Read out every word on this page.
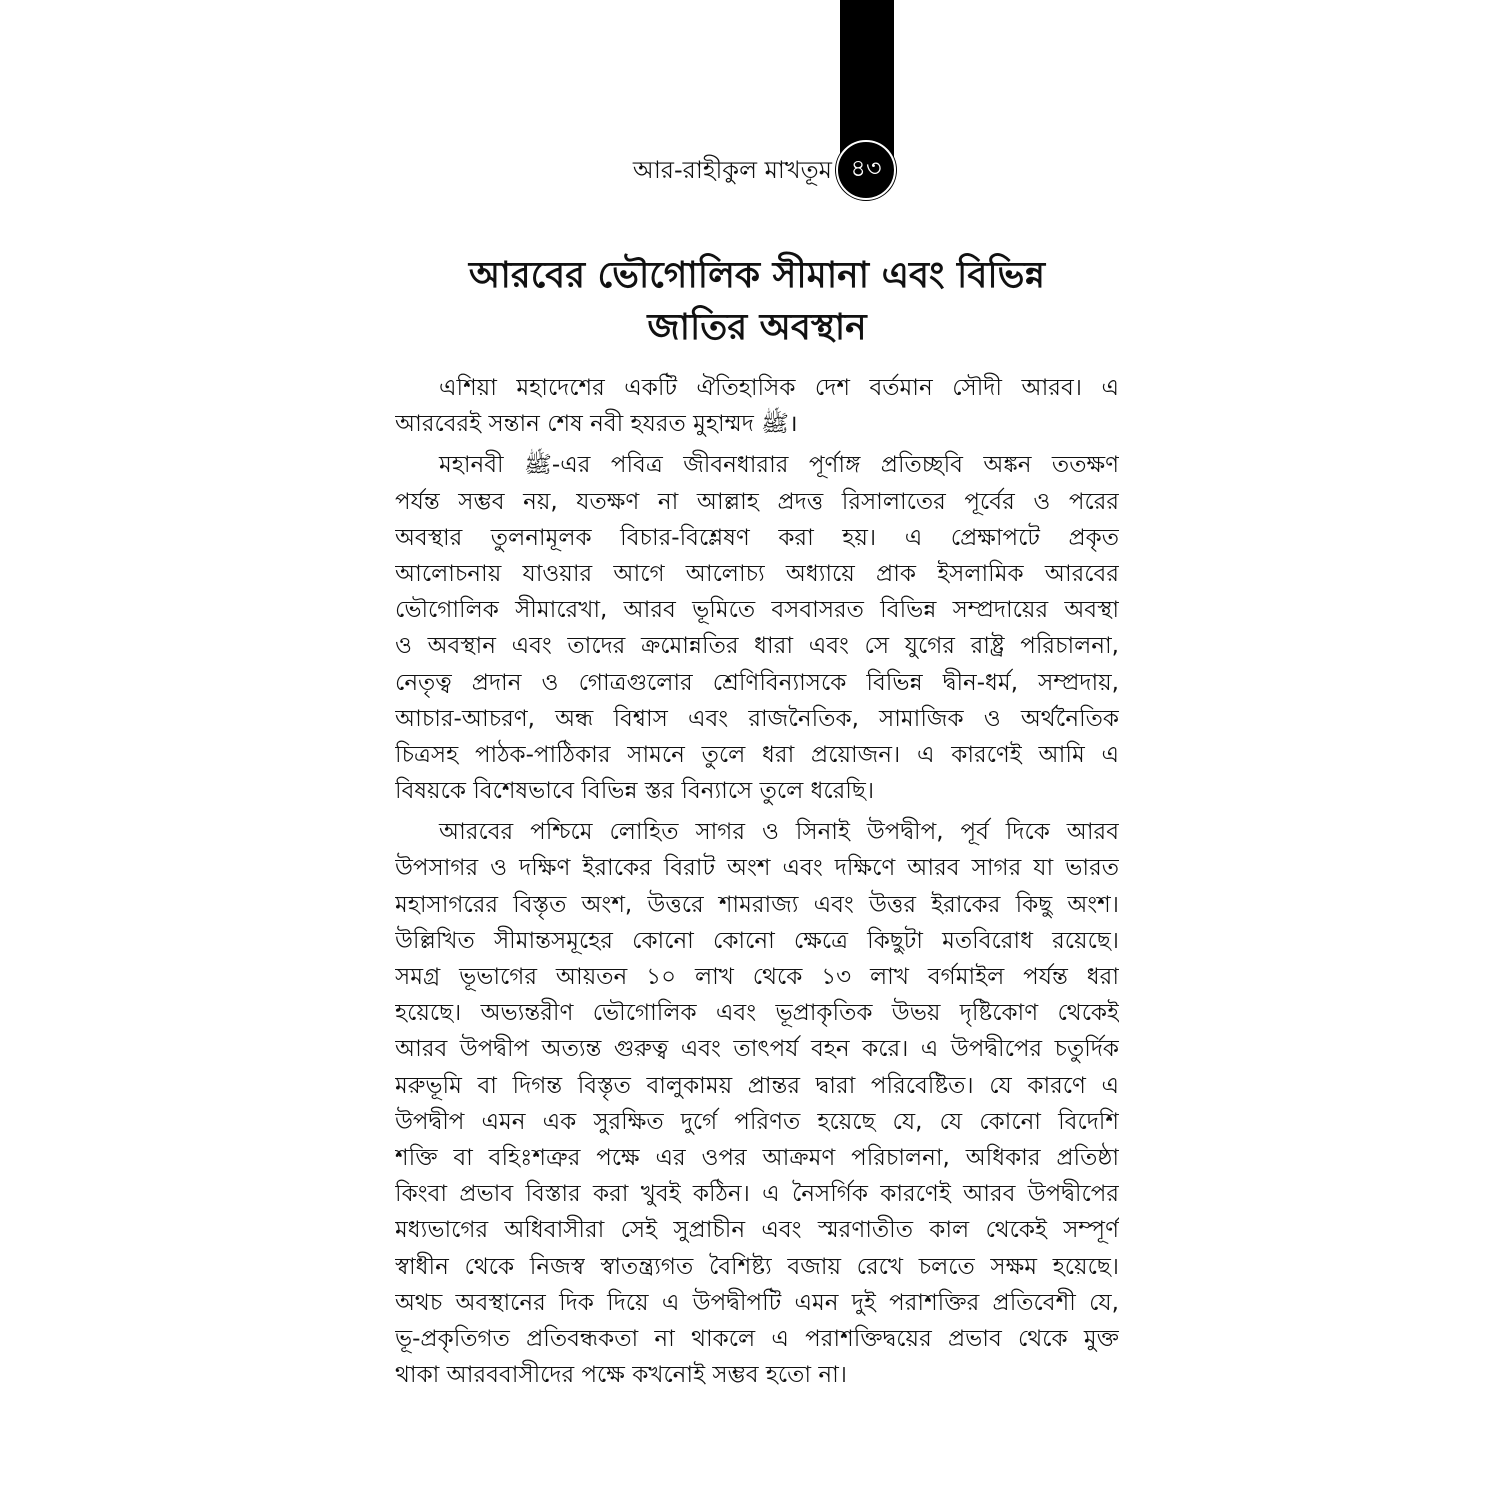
আর-রাহীকুল মাখতূম ৪৩
আরবের ভৌগোলিক সীমানা এবং বিভিন্ন
জাতির অবস্থান
এশিয়া মহাদেশের একটি ঐতিহাসিক দেশ বর্তমান সৌদী আরব। এ
আরবেরই সন্তান শেষ নবী হযরত মুহাম্মদ ﷺ।
মহানবী ﷺ-এর পবিত্র জীবনধারার পূর্ণাঙ্গ প্রতিচ্ছবি অঙ্কন ততক্ষণ
পর্যন্ত সম্ভব নয়, যতক্ষণ না আল্লাহ প্রদত্ত রিসালাতের পূর্বের ও পরের
অবস্থার তুলনামূলক বিচার-বিশ্লেষণ করা হয়। এ প্রেক্ষাপটে প্রকৃত
আলোচনায় যাওয়ার আগে আলোচ্য অধ্যায়ে প্রাক ইসলামিক আরবের
ভৌগোলিক সীমারেখা, আরব ভূমিতে বসবাসরত বিভিন্ন সম্প্রদায়ের অবস্থা
ও অবস্থান এবং তাদের ক্রমোন্নতির ধারা এবং সে যুগের রাষ্ট্র পরিচালনা,
নেতৃত্ব প্রদান ও গোত্রগুলোর শ্রেণিবিন্যাসকে বিভিন্ন দ্বীন-ধর্ম, সম্প্রদায়,
আচার-আচরণ, অন্ধ বিশ্বাস এবং রাজনৈতিক, সামাজিক ও অর্থনৈতিক
চিত্রসহ পাঠক-পাঠিকার সামনে তুলে ধরা প্রয়োজন। এ কারণেই আমি এ
বিষয়কে বিশেষভাবে বিভিন্ন স্তর বিন্যাসে তুলে ধরেছি।
আরবের পশ্চিমে লোহিত সাগর ও সিনাই উপদ্বীপ, পূর্ব দিকে আরব
উপসাগর ও দক্ষিণ ইরাকের বিরাট অংশ এবং দক্ষিণে আরব সাগর যা ভারত
মহাসাগরের বিস্তৃত অংশ, উত্তরে শামরাজ্য এবং উত্তর ইরাকের কিছু অংশ।
উল্লিখিত সীমান্তসমূহের কোনো কোনো ক্ষেত্রে কিছুটা মতবিরোধ রয়েছে।
সমগ্র ভূভাগের আয়তন ১০ লাখ থেকে ১৩ লাখ বর্গমাইল পর্যন্ত ধরা
হয়েছে। অভ্যন্তরীণ ভৌগোলিক এবং ভূপ্রাকৃতিক উভয় দৃষ্টিকোণ থেকেই
আরব উপদ্বীপ অত্যন্ত গুরুত্ব এবং তাৎপর্য বহন করে। এ উপদ্বীপের চতুর্দিক
মরুভূমি বা দিগন্ত বিস্তৃত বালুকাময় প্রান্তর দ্বারা পরিবেষ্টিত। যে কারণে এ
উপদ্বীপ এমন এক সুরক্ষিত দুর্গে পরিণত হয়েছে যে, যে কোনো বিদেশি
শক্তি বা বহিঃশত্রুর পক্ষে এর ওপর আক্রমণ পরিচালনা, অধিকার প্রতিষ্ঠা
কিংবা প্রভাব বিস্তার করা খুবই কঠিন। এ নৈসর্গিক কারণেই আরব উপদ্বীপের
মধ্যভাগের অধিবাসীরা সেই সুপ্রাচীন এবং স্মরণাতীত কাল থেকেই সম্পূর্ণ
স্বাধীন থেকে নিজস্ব স্বাতন্ত্র্যগত বৈশিষ্ট্য বজায় রেখে চলতে সক্ষম হয়েছে।
অথচ অবস্থানের দিক দিয়ে এ উপদ্বীপটি এমন দুই পরাশক্তির প্রতিবেশী যে,
ভূ-প্রকৃতিগত প্রতিবন্ধকতা না থাকলে এ পরাশক্তিদ্বয়ের প্রভাব থেকে মুক্ত
থাকা আরববাসীদের পক্ষে কখনোই সম্ভব হতো না।
